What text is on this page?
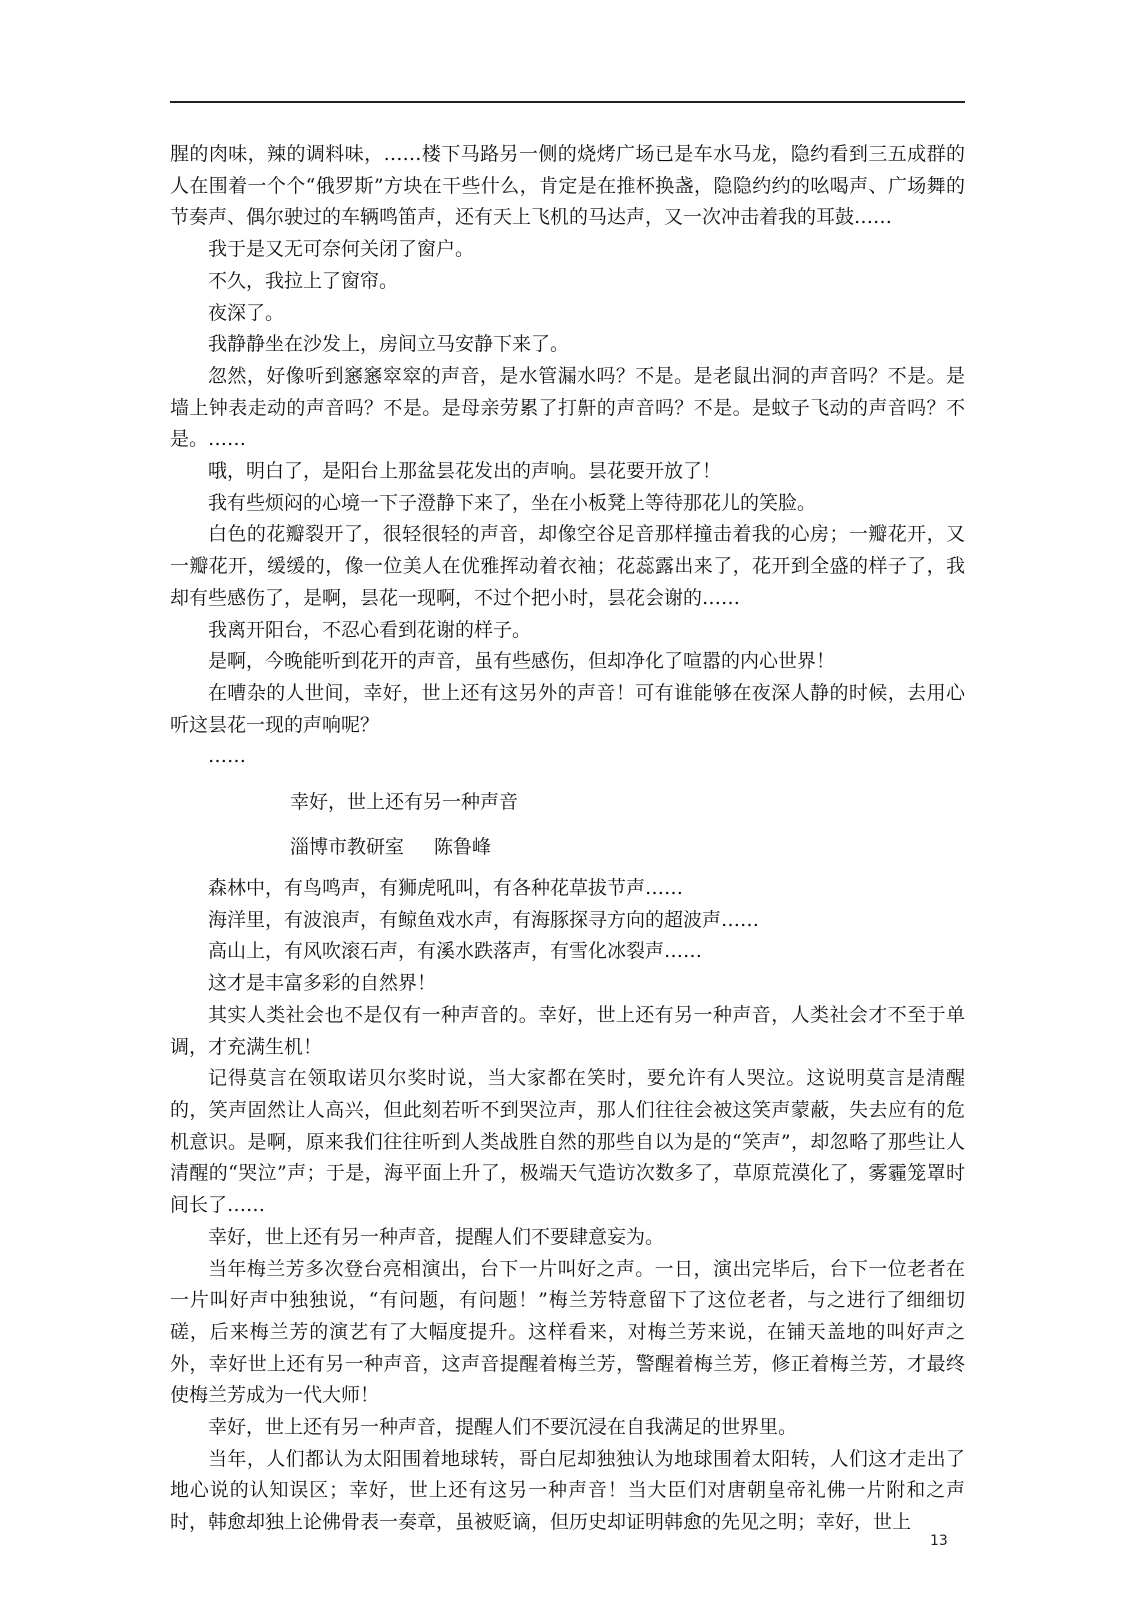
腥的肉味，辣的调料味，……楼下马路另一侧的烧烤广场已是车水马龙，隐约看到三五成群的人在围着一个个“俄罗斯”方块在干些什么，肯定是在推杯换盏，隐隐约约的吆喝声、广场舞的节奏声、偶尔驶过的车辆鸣笛声，还有天上飞机的马达声，又一次冲击着我的耳鼓……

我于是又无可奈何关闭了窗户。

不久，我拉上了窗帘。

夜深了。

我静静坐在沙发上，房间立马安静下来了。

忽然，好像听到窸窸窣窣的声音，是水管漏水吗？不是。是老鼠出洞的声音吗？不是。是墙上钟表走动的声音吗？不是。是母亲劳累了打鼾的声音吗？不是。是蚊子飞动的声音吗？不是。……

哦，明白了，是阳台上那盆昙花发出的声响。昙花要开放了！

我有些烦闷的心境一下子澄静下来了，坐在小板凳上等待那花儿的笑脸。

白色的花瓣裂开了，很轻很轻的声音，却像空谷足音那样撞击着我的心房；一瓣花开，又一瓣花开，缓缓的，像一位美人在优雅挥动着衣袖；花蕊露出来了，花开到全盛的样子了，我却有些感伤了，是啊，昙花一现啊，不过个把小时，昙花会谢的……

我离开阳台，不忍心看到花谢的样子。

是啊，今晚能听到花开的声音，虽有些感伤，但却净化了喧嚣的内心世界！

在嘈杂的人世间，幸好，世上还有这另外的声音！可有谁能够在夜深人静的时候，去用心听这昙花一现的声响呢？

……

幸好，世上还有另一种声音
淄博市教研室 陈鲁峰

森林中，有鸟鸣声，有狮虎吼叫，有各种花草拔节声……

海洋里，有波浪声，有鲸鱼戏水声，有海豚探寻方向的超波声……

高山上，有风吹滚石声，有溪水跌落声，有雪化冰裂声……

这才是丰富多彩的自然界！

其实人类社会也不是仅有一种声音的。幸好，世上还有另一种声音，人类社会才不至于单调，才充满生机！

记得莫言在领取诺贝尔奖时说，当大家都在笑时，要允许有人哭泣。这说明莫言是清醒的，笑声固然让人高兴，但此刻若听不到哭泣声，那人们往往会被这笑声蒙蔽，失去应有的危机意识。是啊，原来我们往往听到人类战胜自然的那些自以为是的“笑声”，却忽略了那些让人清醒的“哭泣”声；于是，海平面上升了，极端天气造访次数多了，草原荒漠化了，雾霾笼罩时间长了……

幸好，世上还有另一种声音，提醒人们不要肆意妄为。

当年梅兰芳多次登台亮相演出，台下一片叫好之声。一日，演出完毕后，台下一位老者在一片叫好声中独独说，“有问题，有问题！”梅兰芳特意留下了这位老者，与之进行了细细切磋，后来梅兰芳的演艺有了大幅度提升。这样看来，对梅兰芳来说，在铺天盖地的叫好声之外，幸好世上还有另一种声音，这声音提醒着梅兰芳，警醒着梅兰芳，修正着梅兰芳，才最终使梅兰芳成为一代大师！

幸好，世上还有另一种声音，提醒人们不要沉浸在自我满足的世界里。

当年，人们都认为太阳围着地球转，哥白尼却独独认为地球围着太阳转，人们这才走出了地心说的认知误区；幸好，世上还有这另一种声音！当大臣们对唐朝皇帝礼佛一片附和之声时，韩愈却独上论佛骨表一奏章，虽被贬谪，但历史却证明韩愈的先见之明；幸好，世上

13
